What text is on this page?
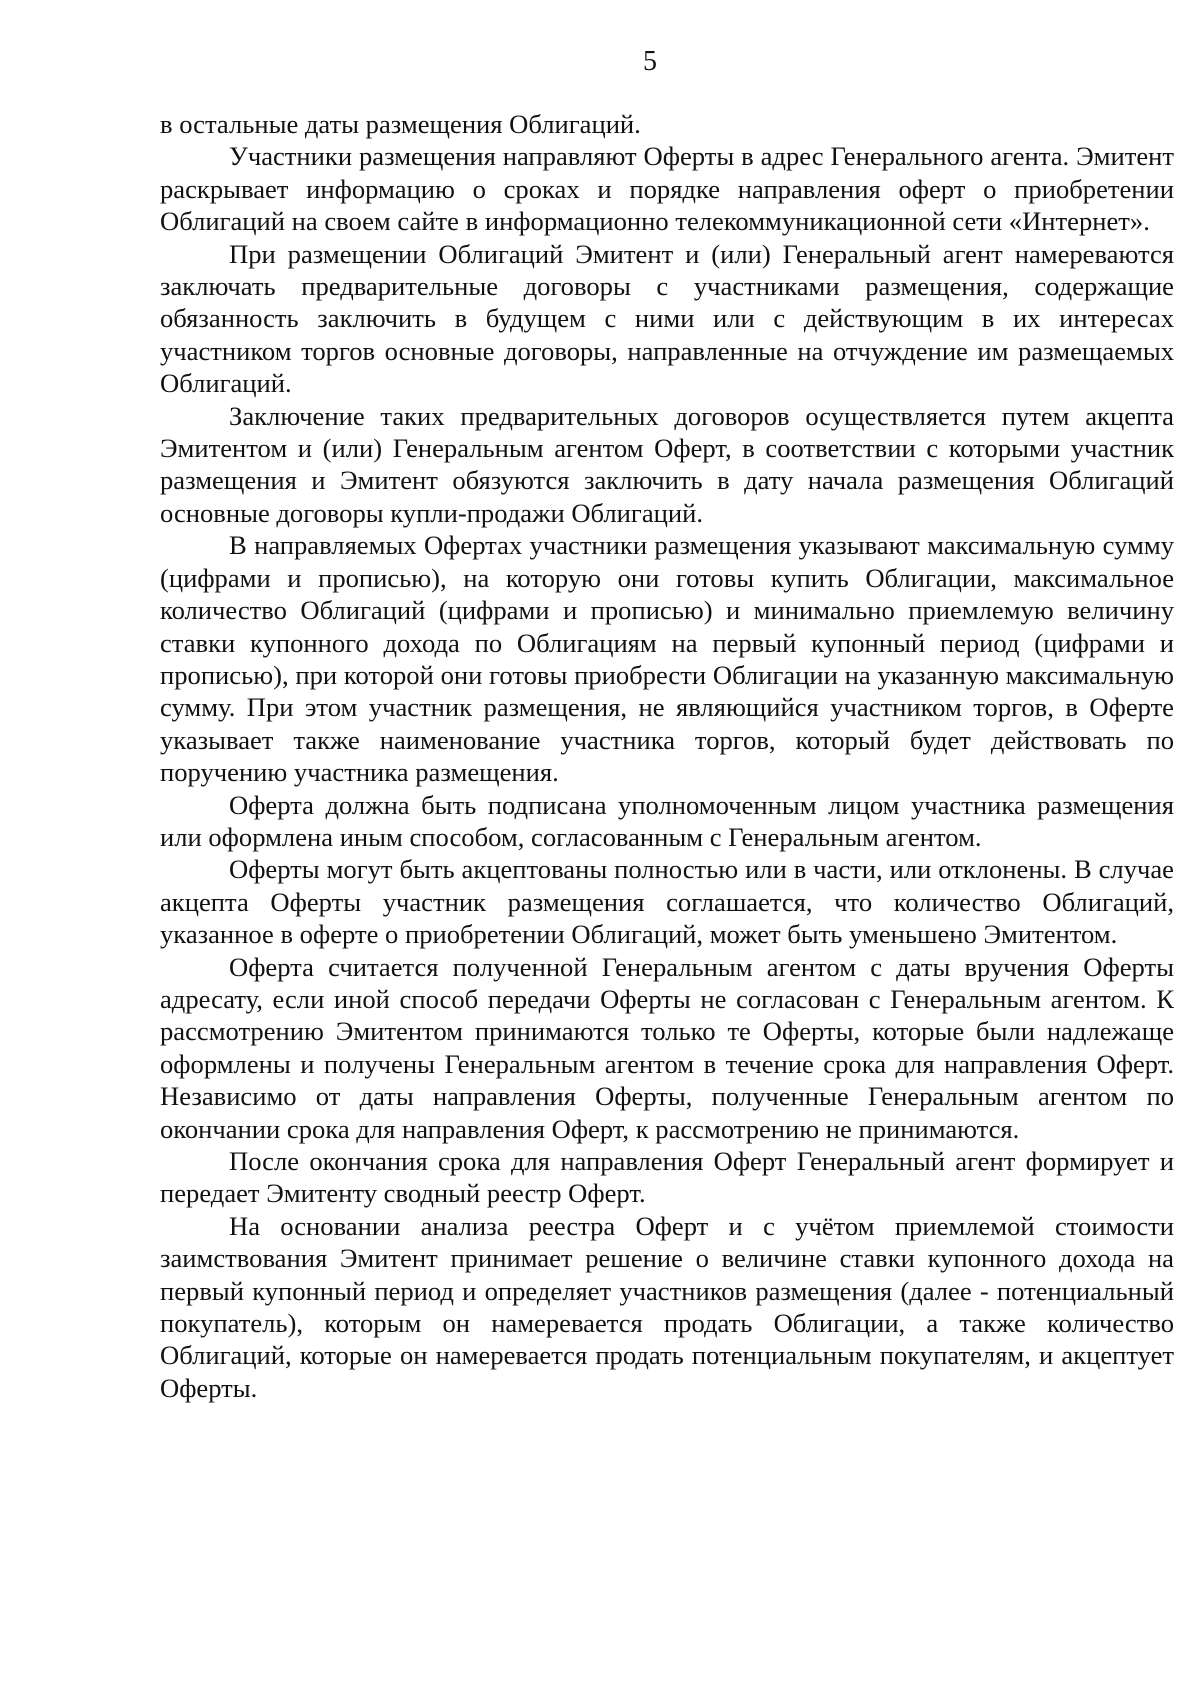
5

в остальные даты размещения Облигаций.

Участники размещения направляют Оферты в адрес Генерального агента. Эмитент раскрывает информацию о сроках и порядке направления оферт о приобретении Облигаций на своем сайте в информационно телекоммуникационной сети «Интернет».

При размещении Облигаций Эмитент и (или) Генеральный агент намереваются заключать предварительные договоры с участниками размещения, содержащие обязанность заключить в будущем с ними или с действующим в их интересах участником торгов основные договоры, направленные на отчуждение им размещаемых Облигаций.

Заключение таких предварительных договоров осуществляется путем акцепта Эмитентом и (или) Генеральным агентом Оферт, в соответствии с которыми участник размещения и Эмитент обязуются заключить в дату начала размещения Облигаций основные договоры купли-продажи Облигаций.

В направляемых Офертах участники размещения указывают максимальную сумму (цифрами и прописью), на которую они готовы купить Облигации, максимальное количество Облигаций (цифрами и прописью) и минимально приемлемую величину ставки купонного дохода по Облигациям на первый купонный период (цифрами и прописью), при которой они готовы приобрести Облигации на указанную максимальную сумму. При этом участник размещения, не являющийся участником торгов, в Оферте указывает также наименование участника торгов, который будет действовать по поручению участника размещения.

Оферта должна быть подписана уполномоченным лицом участника размещения или оформлена иным способом, согласованным с Генеральным агентом.

Оферты могут быть акцептованы полностью или в части, или отклонены. В случае акцепта Оферты участник размещения соглашается, что количество Облигаций, указанное в оферте о приобретении Облигаций, может быть уменьшено Эмитентом.

Оферта считается полученной Генеральным агентом с даты вручения Оферты адресату, если иной способ передачи Оферты не согласован с Генеральным агентом. К рассмотрению Эмитентом принимаются только те Оферты, которые были надлежаще оформлены и получены Генеральным агентом в течение срока для направления Оферт. Независимо от даты направления Оферты, полученные Генеральным агентом по окончании срока для направления Оферт, к рассмотрению не принимаются.

После окончания срока для направления Оферт Генеральный агент формирует и передает Эмитенту сводный реестр Оферт.

На основании анализа реестра Оферт и с учётом приемлемой стоимости заимствования Эмитент принимает решение о величине ставки купонного дохода на первый купонный период и определяет участников размещения (далее - потенциальный покупатель), которым он намеревается продать Облигации, а также количество Облигаций, которые он намеревается продать потенциальным покупателям, и акцептует Оферты.
